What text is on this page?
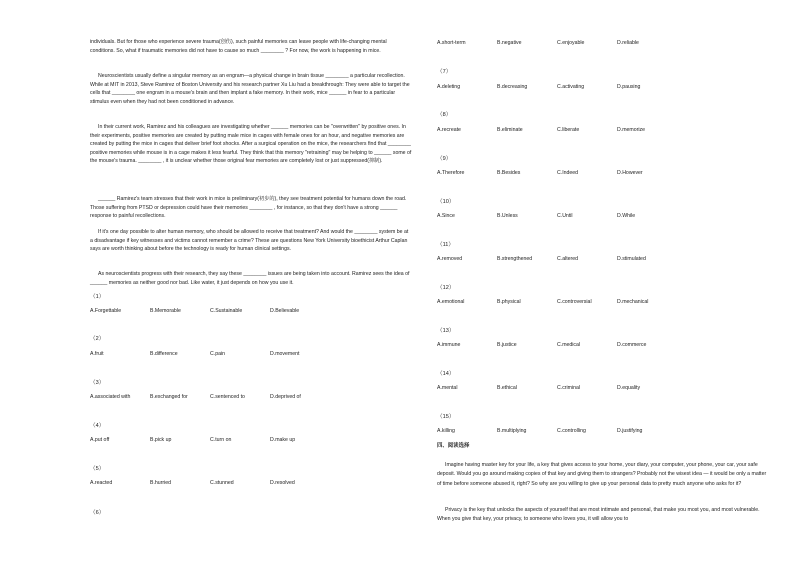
individuals. But for those who experience severe trauma(创伤), such painful memories can leave people with life-changing mental conditions. So, what if traumatic memories did not have to cause so much ________ ? For now, the work is happening in mice.

Neuroscientists usually define a singular memory as an engram—a physical change in brain tissue ________ a particular recollection. While at MIT in 2013, Steve Ramirez of Boston University and his research partner Xu Liu had a breakthrough: They were able to target the cells that ________ one engram in a mouse's brain and then implant a fake memory. In their work, mice ______ in fear to a particular stimulus even when they had not been conditioned in advance.

In their current work, Ramirez and his colleagues are investigating whether ______ memories can be "overwritten" by positive ones. In their experiments, positive memories are created by putting male mice in cages with female ones for an hour, and negative memories are created by putting the mice in cages that deliver brief foot shocks. After a surgical operation on the mice, the researchers find that ________ positive memories while mouse is in a cage makes it less fearful. They think that this memory "retraining" may be helping to ______ some of the mouse's trauma. ________ , it is unclear whether those original fear memories are completely lost or just suppressed(抑制).

______ Ramirez's team stresses that their work in mice is preliminary(初步的), they see treatment potential for humans down the road. Those suffering from PTSD or depression could have their memories ________ , for instance, so that they don't have a strong ______ response to painful recollections.

If it's one day possible to alter human memory, who should be allowed to receive that treatment? And would the ________ system be at a disadvantage if key witnesses and victims cannot remember a crime? These are questions New York University bioethicist Arthur Caplan says are worth thinking about before the technology is ready for human clinical settings.

As neuroscientists progress with their research, they say these ________ issues are being taken into account. Ramirez sees the idea of ______ memories as neither good nor bad. Like water, it just depends on how you use it.

（1）
A.Forgettable	B.Memorable	C.Sustainable	D.Believable
（2）
A.fruit	B.difference	C.pain	D.movement
（3）
A.associated with	B.exchanged for	C.sentenced to	D.deprived of
（4）
A.put off	B.pick up	C.turn on	D.make up
（5）
A.reacted	B.hurried	C.stunned	D.resolved
（6）
A.short-term	B.negative	C.enjoyable	D.reliable
（7）
A.deleting	B.decreasing	C.activating	D.pausing
（8）
A.recreate	B.eliminate	C.liberate	D.memorize
（9）
A.Therefore	B.Besides	C.Indeed	D.However
（10）
A.Since	B.Unless	C.Until	D.While
（11）
A.removed	B.strengthened	C.altered	D.stimulated
（12）
A.emotional	B.physical	C.controversial	D.mechanical
（13）
A.immune	B.justice	C.medical	D.commerce
（14）
A.mental	B.ethical	C.criminal	D.equality
（15）
A.killing	B.multiplying	C.controlling	D.justifying
四、阅读选择

Imagine having master key for your life, a key that gives access to your home, your diary, your computer, your phone, your car, your safe deposit. Would you go around making copies of that key and giving them to strangers? Probably not the wisest idea — it would be only a matter of time before someone abused it, right? So why are you willing to give up your personal data to pretty much anyone who asks for it?

Privacy is the key that unlocks the aspects of yourself that are most intimate and personal, that make you most you, and most vulnerable. When you give that key, your privacy, to someone who loves you, it will allow you to
